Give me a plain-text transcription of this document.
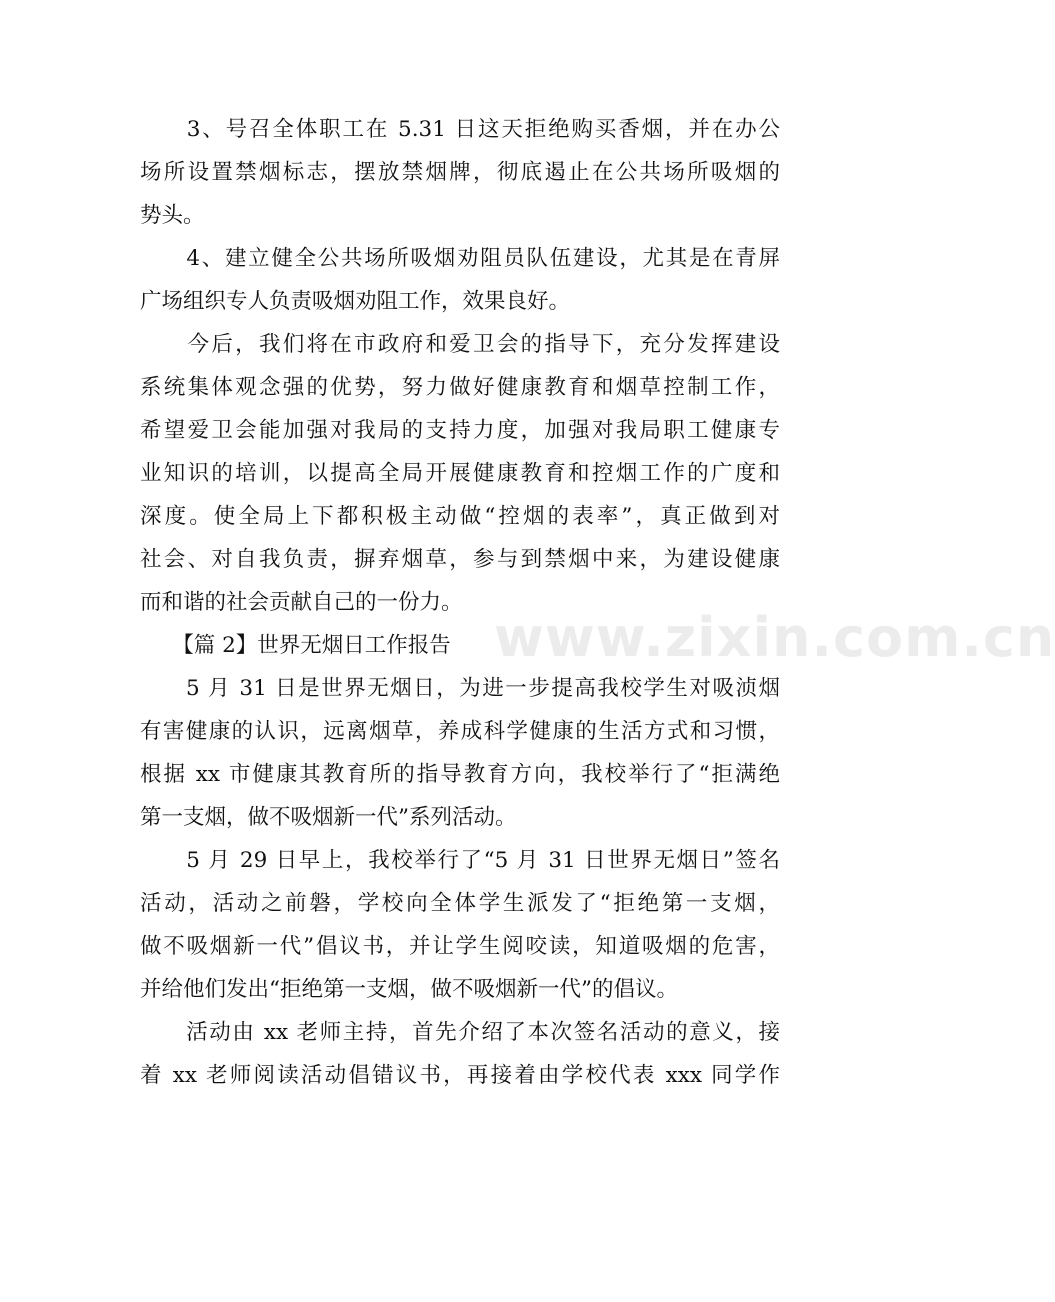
　　3、号召全体职工在 5.31 日这天拒绝购买香烟，并在办公
场所设置禁烟标志，摆放禁烟牌，彻底遏止在公共场所吸烟的
势头。
　　4、建立健全公共场所吸烟劝阻员队伍建设，尤其是在青屏
广场组织专人负责吸烟劝阻工作，效果良好。
　　今后，我们将在市政府和爱卫会的指导下，充分发挥建设
系统集体观念强的优势，努力做好健康教育和烟草控制工作，
希望爱卫会能加强对我局的支持力度，加强对我局职工健康专
业知识的培训，以提高全局开展健康教育和控烟工作的广度和
深度。使全局上下都积极主动做“控烟的表率”，真正做到对
社会、对自我负责，摒弃烟草，参与到禁烟中来，为建设健康
而和谐的社会贡献自己的一份力。
　　【篇 2】世界无烟日工作报告
　　5 月 31 日是世界无烟日，为进一步提高我校学生对吸浈烟
有害健康的认识，远离烟草，养成科学健康的生活方式和习惯，
根据 xx 市健康其教育所的指导教育方向，我校举行了“拒满绝
第一支烟，做不吸烟新一代”系列活动。
　　5 月 29 日早上，我校举行了“5 月 31 日世界无烟日”签名
活动，活动之前磐，学校向全体学生派发了“拒绝第一支烟，
做不吸烟新一代”倡议书，并让学生阅咬读，知道吸烟的危害，
并给他们发出“拒绝第一支烟，做不吸烟新一代”的倡议。
　　活动由 xx 老师主持，首先介绍了本次签名活动的意义，接
着 xx 老师阅读活动倡错议书，再接着由学校代表 xxx 同学作
www.zixin.com.cn
